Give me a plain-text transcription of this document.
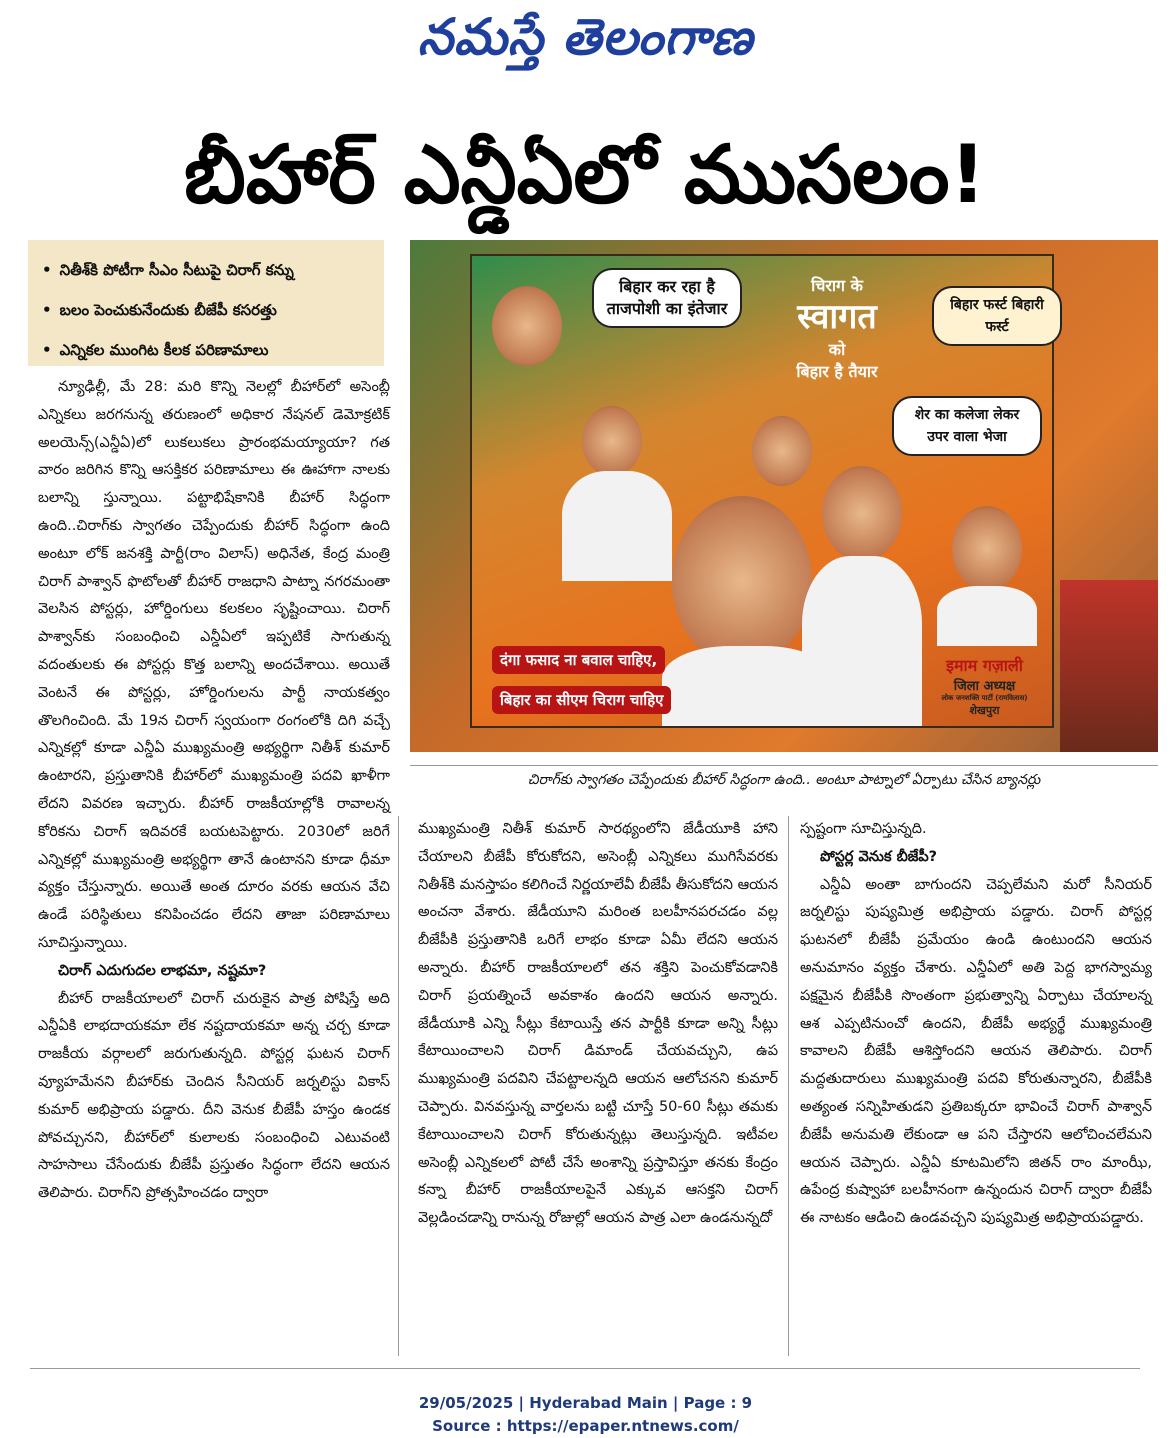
నమస్తే తెలంగాణ
బీహార్ ఎన్డీఏలో ముసలం!
• నితీశ్‌కి పోటీగా సీఎం సీటుపై చిరాగ్ కన్ను
• బలం పెంచుకునేందుకు బీజేపీ కసరత్తు
• ఎన్నికల ముంగిట కీలక పరిణామాలు
बिहार कर रहा है ताजपोशी का इंतेजार
चिराग के
स्वागत
को
बिहार है तैयार
बिहार फर्स्ट बिहारी फर्स्ट
शेर का कलेजा लेकर उपर वाला भेजा
दंगा फसाद ना बवाल चाहिए,
बिहार का सीएम चिराग चाहिए
इमाम गज़ाली
जिला अध्यक्ष
लोक जनशक्ति पार्टी (रामविलास)
शेखपुरा
చిరాగ్‌కు స్వాగతం చెప్పేందుకు బీహార్ సిద్ధంగా ఉంది.. అంటూ పాట్నాలో ఏర్పాటు చేసిన బ్యానర్లు

న్యూఢిల్లీ, మే 28: మరి కొన్ని నెలల్లో బీహార్‌లో అసెంబ్లీ ఎన్నికలు జరగనున్న తరుణంలో అధికార నేషనల్ డెమోక్రటిక్ అలయెన్స్(ఎన్డీఏ)లో లుకలుకలు ప్రారంభమయ్యాయా? గత వారం జరిగిన కొన్ని ఆసక్తికర పరిణామాలు ఈ ఊహాగా నాలకు బలాన్ని స్తున్నాయి. పట్టాభిషేకానికి బీహార్ సిద్ధంగా ఉంది..చిరాగ్‌కు స్వాగతం చెప్పేందుకు బీహార్ సిద్ధంగా ఉంది అంటూ లోక్ జనశక్తి పార్టీ(రాం విలాస్) అధినేత, కేంద్ర మంత్రి చిరాగ్ పాశ్వాన్ ఫొటోలతో బీహార్ రాజధాని పాట్నా నగరమంతా వెలసిన పోస్టర్లు, హోర్డింగులు కలకలం సృష్టించాయి. చిరాగ్ పాశ్వాన్‌కు సంబంధించి ఎన్డీఏలో ఇప్పటికే సాగుతున్న వదంతులకు ఈ పోస్టర్లు కొత్త బలాన్ని అందచేశాయి. అయితే వెంటనే ఈ పోస్టర్లు, హోర్డింగులను పార్టీ నాయకత్వం తొలగించింది. మే 19న చిరాగ్ స్వయంగా రంగంలోకి దిగి వచ్చే ఎన్నికల్లో కూడా ఎన్డీఏ ముఖ్యమంత్రి అభ్యర్థిగా నితీశ్ కుమార్ ఉంటారని, ప్రస్తుతానికి బీహార్‌లో ముఖ్యమంత్రి పదవి ఖాళీగా లేదని వివరణ ఇచ్చారు. బీహార్ రాజకీయాల్లోకి రావాలన్న కోరికను చిరాగ్ ఇదివరకే బయటపెట్టారు. 2030లో జరిగే ఎన్నికల్లో ముఖ్యమంత్రి అభ్యర్థిగా తానే ఉంటానని కూడా ధీమా వ్యక్తం చేస్తున్నారు. అయితే అంత దూరం వరకు ఆయన వేచి ఉండే పరిస్థితులు కనిపించడం లేదని తాజా పరిణామాలు సూచిస్తున్నాయి.

చిరాగ్ ఎదుగుదల లాభమా, నష్టమా?

బీహార్ రాజకీయాలలో చిరాగ్ చురుకైన పాత్ర పోషిస్తే అది ఎన్డీఏకి లాభదాయకమా లేక నష్టదాయకమా అన్న చర్చ కూడా రాజకీయ వర్గాలలో జరుగుతున్నది. పోస్టర్ల ఘటన చిరాగ్ వ్యూహమేనని బీహార్‌కు చెందిన సీనియర్ జర్నలిస్టు వికాస్ కుమార్ అభిప్రాయ పడ్డారు. దీని వెనుక బీజేపీ హస్తం ఉండక పోవచ్చునని, బీహార్‌లో కులాలకు సంబంధించి ఎటువంటి సాహసాలు చేసేందుకు బీజేపీ ప్రస్తుతం సిద్ధంగా లేదని ఆయన తెలిపారు. చిరాగ్‌ని ప్రోత్సహించడం ద్వారా

ముఖ్యమంత్రి నితీశ్ కుమార్ సారథ్యంలోని జేడీయూకి హాని చేయాలని బీజేపీ కోరుకోదని, అసెంబ్లీ ఎన్నికలు ముగిసేవరకు నితీశ్‌కి మనస్తాపం కలిగించే నిర్ణయాలేవీ బీజేపీ తీసుకోదని ఆయన అంచనా వేశారు. జేడీయూని మరింత బలహీనపరచడం వల్ల బీజేపీకి ప్రస్తుతానికి ఒరిగే లాభం కూడా ఏమీ లేదని ఆయన అన్నారు. బీహార్ రాజకీయాలలో తన శక్తిని పెంచుకోవడానికి చిరాగ్ ప్రయత్నించే అవకాశం ఉందని ఆయన అన్నారు. జేడీయూకి ఎన్ని సీట్లు కేటాయిస్తే తన పార్టీకి కూడా అన్ని సీట్లు కేటాయించాలని చిరాగ్ డిమాండ్ చేయవచ్చుని, ఉప ముఖ్యమంత్రి పదవిని చేపట్టాలన్నది ఆయన ఆలోచనని కుమార్ చెప్పారు. వినవస్తున్న వార్తలను బట్టి చూస్తే 50-60 సీట్లు తమకు కేటాయించాలని చిరాగ్ కోరుతున్నట్లు తెలుస్తున్నది. ఇటీవల అసెంబ్లీ ఎన్నికలలో పోటీ చేసే అంశాన్ని ప్రస్తావిస్తూ తనకు కేంద్రం కన్నా బీహార్ రాజకీయాలపైనే ఎక్కువ ఆసక్తని చిరాగ్ వెల్లడించడాన్ని రానున్న రోజుల్లో ఆయన పాత్ర ఎలా ఉండనున్నదో

స్పష్టంగా సూచిస్తున్నది.

పోస్టర్ల వెనుక బీజేపీ?

ఎన్డీఏ అంతా బాగుందని చెప్పలేమని మరో సీనియర్ జర్నలిస్టు పుష్యమిత్ర అభిప్రాయ పడ్డారు. చిరాగ్ పోస్టర్ల ఘటనలో బీజేపీ ప్రమేయం ఉండి ఉంటుందని ఆయన అనుమానం వ్యక్తం చేశారు. ఎన్డీఏలో అతి పెద్ద భాగస్వామ్య పక్షమైన బీజేపీకి సొంతంగా ప్రభుత్వాన్ని ఏర్పాటు చేయాలన్న ఆశ ఎప్పటినుంచో ఉందని, బీజేపీ అభ్యర్థే ముఖ్యమంత్రి కావాలని బీజేపీ ఆశిస్తోందని ఆయన తెలిపారు. చిరాగ్ మద్దతుదారులు ముఖ్యమంత్రి పదవి కోరుతున్నారని, బీజేపీకి అత్యంత సన్నిహితుడని ప్రతిబక్కరూ భావించే చిరాగ్ పాశ్వాన్ బీజేపీ అనుమతి లేకుండా ఆ పని చేస్తారని ఆలోచించలేమని ఆయన చెప్పారు. ఎన్డీఏ కూటమిలోని జితన్ రాం మాంఝీ, ఉపేంద్ర కుష్వాహా బలహీనంగా ఉన్నందున చిరాగ్ ద్వారా బీజేపీ ఈ నాటకం ఆడించి ఉండవచ్చని పుష్యమిత్ర అభిప్రాయపడ్డారు.

29/05/2025 | Hyderabad Main | Page : 9
Source : https://epaper.ntnews.com/
